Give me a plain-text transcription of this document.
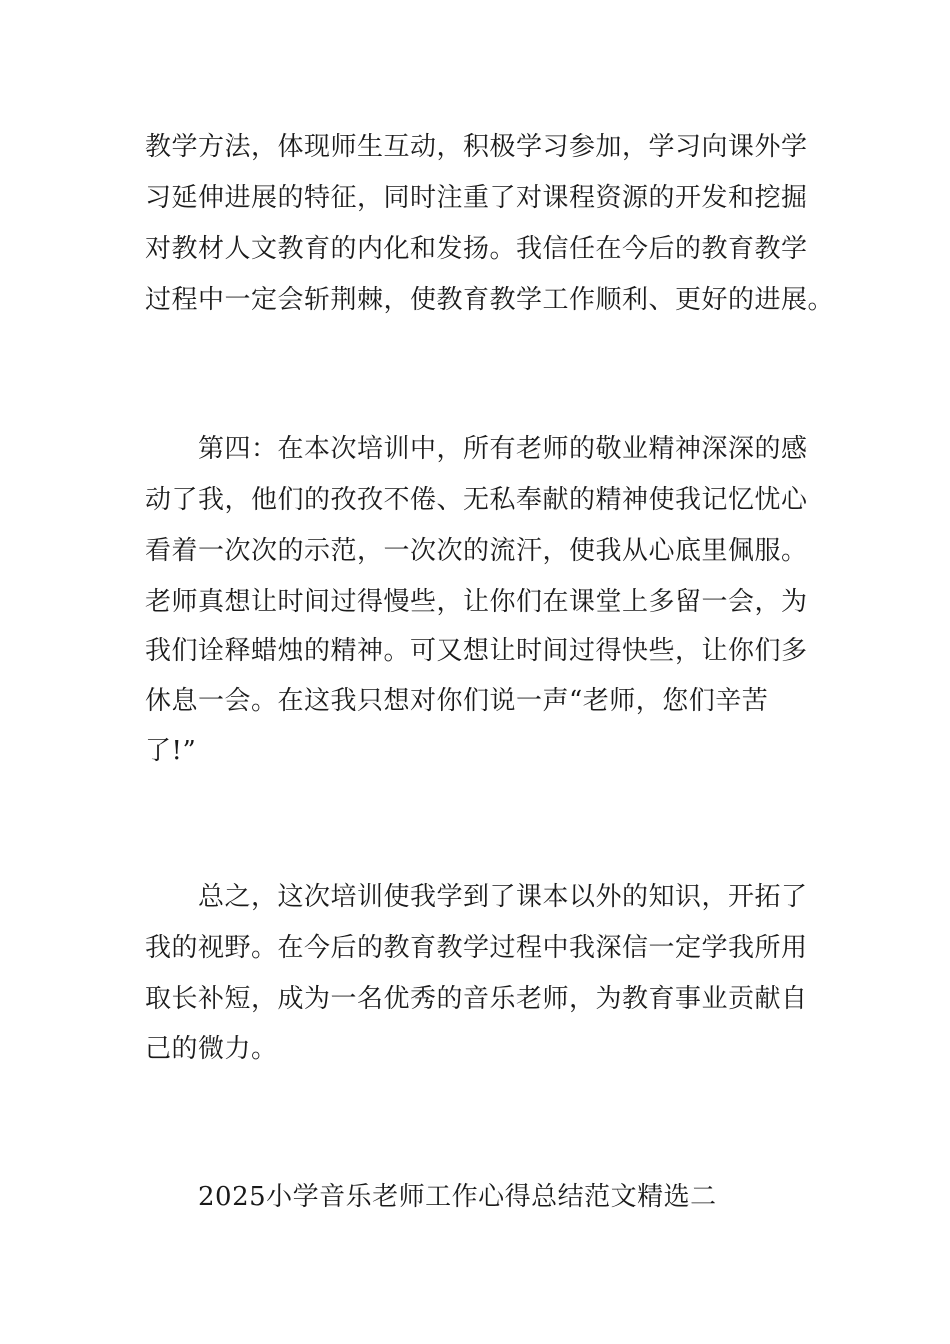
教学方法，体现师生互动，积极学习参加，学习向课外学
习延伸进展的特征，同时注重了对课程资源的开发和挖掘
对教材人文教育的内化和发扬。我信任在今后的教育教学
过程中一定会斩荆棘，使教育教学工作顺利、更好的进展。
第四：在本次培训中，所有老师的敬业精神深深的感
动了我，他们的孜孜不倦、无私奉献的精神使我记忆忧心
看着一次次的示范，一次次的流汗，使我从心底里佩服。
老师真想让时间过得慢些，让你们在课堂上多留一会，为
我们诠释蜡烛的精神。可又想让时间过得快些，让你们多
休息一会。在这我只想对你们说一声“老师，您们辛苦
了!”
总之，这次培训使我学到了课本以外的知识，开拓了
我的视野。在今后的教育教学过程中我深信一定学我所用
取长补短，成为一名优秀的音乐老师，为教育事业贡献自
己的微力。
2025小学音乐老师工作心得总结范文精选二
